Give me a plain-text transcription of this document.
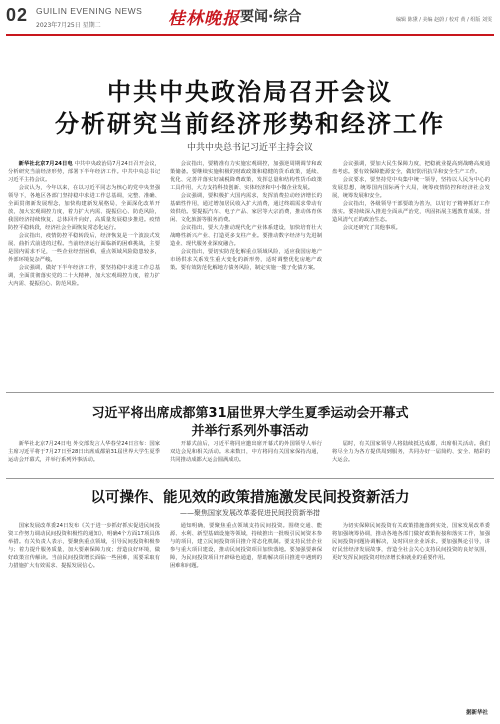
02 GUILIN EVENING NEWS
2023年7月25日 星期二	桂林晚报 要闻·综合	编辑 陈黛 / 美编 赵蔚 / 校对 黄 / 组版 刘雯
中共中央政治局召开会议
分析研究当前经济形势和经济工作
中共中央总书记习近平主持会议

新华社北京7月24日电 中共中央政治局7月24日召开会议，分析研究当前经济形势，部署下半年经济工作。中共中央总书记习近平主持会议。

会议认为，今年以来，在以习近平同志为核心的党中央坚强领导下，各地区各部门坚持稳中求进工作总基调，完整、准确、全面贯彻新发展理念，加快构建新发展格局，全面深化改革开放，加大宏观调控力度，着力扩大内需、提振信心、防范风险，我国经济持续恢复、总体回升向好，高质量发展稳步推进。疫情防控平稳转段，经济社会全面恢复常态化运行。

会议指出，疫情防控平稳转段后，经济恢复是一个波浪式发展、曲折式前进的过程。当前经济运行面临新的困难挑战，主要是国内需求不足，一些企业经营困难，重点领域风险隐患较多，外部环境复杂严峻。

会议强调，做好下半年经济工作，要坚持稳中求进工作总基调，全面贯彻落实党的二十大精神，加大宏观调控力度，着力扩大内需、提振信心、防范风险。

会议指出，要精准有力实施宏观调控，加强逆周期调节和政策储备。要继续实施积极的财政政策和稳健的货币政策，延续、优化、完善并落实好减税降费政策，发挥总量和结构性货币政策工具作用，大力支持科技创新、实体经济和中小微企业发展。

会议强调，要积极扩大国内需求，发挥消费拉动经济增长的基础性作用，通过增加居民收入扩大消费，通过终端需求带动有效供给。要提振汽车、电子产品、家居等大宗消费，推动体育休闲、文化旅游等服务消费。

会议指出，要大力推动现代化产业体系建设，加快培育壮大战略性新兴产业、打造更多支柱产业。要推动数字经济与先进制造业、现代服务业深度融合。

会议指出，要切实防范化解重点领域风险，适应我国房地产市场供求关系发生重大变化的新形势，适时调整优化房地产政策。要有效防范化解地方债务风险，制定实施一揽子化债方案。

会议强调，要加大民生保障力度，把稳就业提高到战略高度通盘考虑。要有效保障能源安全，做好防汛抗旱和安全生产工作。

会议要求，要坚持党中央集中统一领导，坚持以人民为中心的发展思想，统筹国内国际两个大局，统筹疫情防控和经济社会发展，统筹发展和安全。

会议指出，各级领导干部要敢为善为，以钉钉子精神抓好工作落实。要持续深入推进全面从严治党，巩固拓展主题教育成果，营造风清气正的政治生态。

会议还研究了其他事项。

习近平将出席成都第31届世界大学生夏季运动会开幕式
并举行系列外事活动

新华社北京7月24日电 外交部发言人华春莹24日宣布：国家主席习近平将于7月27日至28日出席成都第31届世界大学生夏季运动会开幕式，并举行系列外事活动。

开幕式前后，习近平将同应邀出席开幕式的外国领导人举行双边会见和相关活动。未来数日，中方将同有关国家保持沟通，共同推动成都大运会圆满成功。

届时，有关国家领导人将陆续抵达成都，出席相关活动。我们将尽全力为各方提供周到服务，共同办好一届简约、安全、精彩的大运会。

以可操作、能见效的政策措施激发民间投资新活力
——聚焦国家发展改革委促进民间投资新举措

国家发展改革委24日发布《关于进一步抓好抓实促进民间投资工作努力调动民间投资积极性的通知》，明确4个方面17项具体举措。有关负责人表示，要聚焦重点领域，引导民间投资积极参与；着力提升服务质量，加大要素保障力度；营造良好环境，做好政策宣传解读。当前民间投资增长面临一些困难，需要采取有力措施扩大有效需求、提振发展信心。

通知明确，要聚焦重点领域支持民间投资。围绕交通、能源、水利、新型基础设施等领域，持续推出一批吸引民间资本参与的项目，建立民间投资项目推介常态化机制。要支持民营企业参与重大项目建设，推动民间投资项目加快落地。要加强要素保障，为民间投资项目开辟绿色通道，帮助解决项目推进中遇到的困难和问题。

为切实保障民间投资有关政策措施落到实处，国家发展改革委将加强统筹协调，推动各地各部门做好政策衔接和落实工作，加强民间投资问题协调解决，及时回应企业诉求。要加强舆论引导，讲好民营经济发展故事，营造全社会关心支持民间投资的良好氛围，更好发挥民间投资对经济增长和就业的重要作用。

据新华社
